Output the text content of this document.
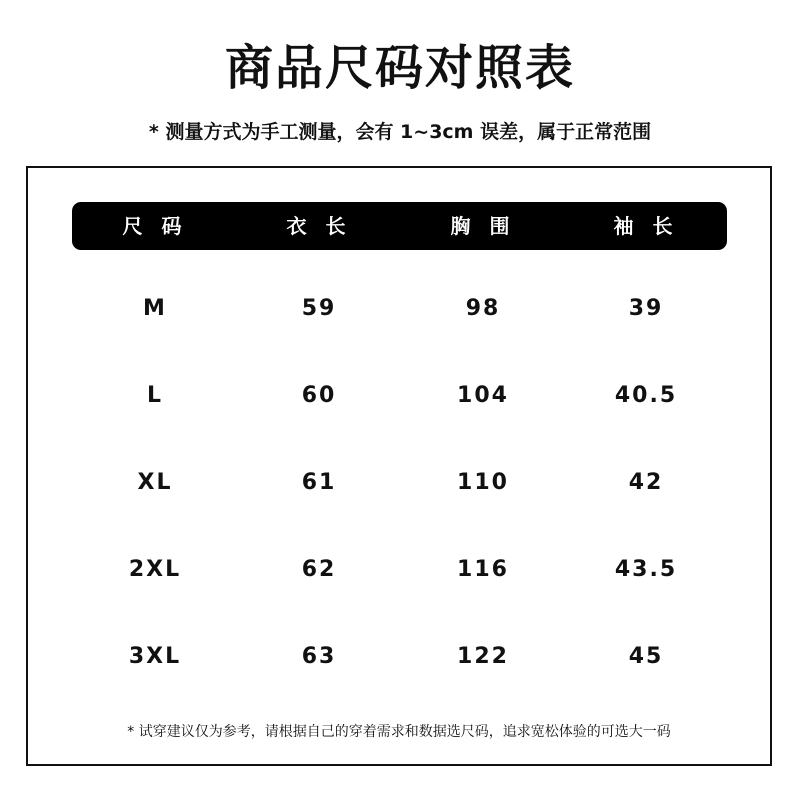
商品尺码对照表
* 测量方式为手工测量，会有 1~3cm 误差，属于正常范围
尺 码	衣 长	胸 围	袖 长
M	59	98	39
L	60	104	40.5
XL	61	110	42
2XL	62	116	43.5
3XL	63	122	45
* 试穿建议仅为参考，请根据自己的穿着需求和数据选尺码，追求宽松体验的可选大一码
